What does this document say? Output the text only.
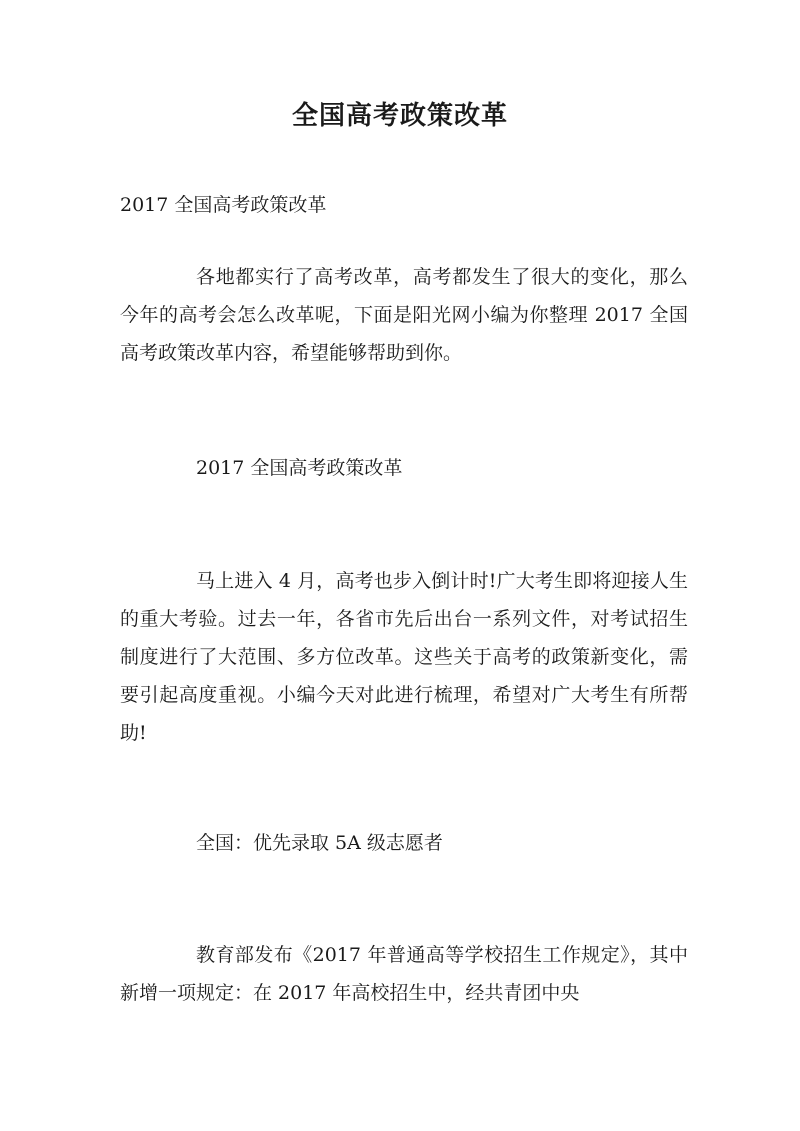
全国高考政策改革

2017 全国高考政策改革

各地都实行了高考改革，高考都发生了很大的变化，那么今年的高考会怎么改革呢，下面是阳光网小编为你整理 2017 全国高考政策改革内容，希望能够帮助到你。

2017 全国高考政策改革

马上进入 4 月，高考也步入倒计时!广大考生即将迎接人生的重大考验。过去一年，各省市先后出台一系列文件，对考试招生制度进行了大范围、多方位改革。这些关于高考的政策新变化，需要引起高度重视。小编今天对此进行梳理，希望对广大考生有所帮助!

全国：优先录取 5A 级志愿者

教育部发布《2017 年普通高等学校招生工作规定》，其中新增一项规定：在 2017 年高校招生中，经共青团中央
